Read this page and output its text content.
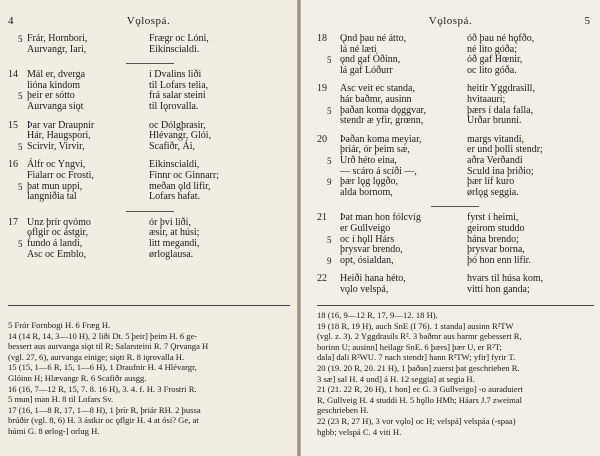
4	Vǫlospá.
5 Frár, Hornbori,	Frægr oc Lóni,
Aurvangr, Iari,	Eikinscialdi.
14 Mál er, dverga	í Dvalins liði
lióna kindom	til Lofars telia,
5 þeir er sótto	frá salar steini
Aurvanga siǫt	til Iǫrovalla.
15 Þar var Draupnir	oc Dólgþrasir,
Hár, Haugspori,	Hlévangr, Glói,
5 Scirvir, Virvir,	Scafiðr, Ái,
16 Álfr oc Yngvi,	Eikinscialdi,
Fialarr oc Frosti,	Finnr oc Ginnarr;
5 þat mun uppi,	meðan ǫld lifir,
langniðia tal	Lofars hafat.
17 Unz þrír qvómo	ór þvi liði,
ǫflgir oc ástgir,	æsir, at húsi;
5 fundo á landi,	litt megandi,
Asc oc Emblo,	ørloglausa.
5 Frór Fornbogi H. 6 Fræg H.
14 (14 R, 14, 3—10 H), 2 liði Dt. 5 þeir] þeim H. 6 ge-
bessert aus aurvanga siǫt til R; Salarsteini R. 7 Ǫrvanga H
(vgl. 27, 6), aurvanga einige; siǫtt R. 8 iǫrovalla H.
15 (15, 1—6 R, 15, 1—6 H), 1 Draufnir H. 4 Hlévargr,
Glóinn H; Hlævangr R. 6 Scafiðr ausgg.
16 (16, 7—12 R, 15, 7. 8. 16 H), 3. 4. f. H. 3 Frostri R.
5 mun] man H. 8 til Lofars Sv.
17 (16, 1—8 R, 17, 1—8 H), 1 þrír R, þriár RH. 2 þussa
brúðir (vgl. 8, 6) H. 3 ástkir oc ǫflgir H. 4 at ósi? Ge, at
húmi G. 8 ørlog-] orlug H.
Vǫlospá.	5
18 Ǫnd þau né átto,	óð þau né hǫfðo,
lá né læti	né lito góða;
5 ǫnd gaf Óðinn,	óð gaf Hœnir,
lá gaf Lóðurr	oc lito góða.
19 Asc veit ec standa,	heitir Yggdrasill,
hár baðmr, ausinn	hvitaauri;
5 þaðan koma dǫggvar,	þærs í dala falla,
stendr æ yfir, grœnn,	Urðar brunni.
20 Þaðan koma meyiar,	margs vitandi,
þriár, ór þeim sæ,	er und þolli stendr;
5 Urð héto eina,	aðra Verðandi
— scáro á scíði —,	Sculd ina þriðio;
9 þær lǫg lǫgðo,	þær líf kuro
alda bornom,	ørlǫg seggia.
21 Þat man hon fólcvíg	fyrst í heimi,
er Gullveigo	geirom studdo
5 oc í hǫll Hárs	hána brendo;
þrysvar brendo,	þrysvar borna,
9 opt, ósialdan,	þó hon enn lifir.
22 Heiði hana héto,	hvars til húsa kom,
vǫlo velspá,	vitti hon ganda;
18 (16, 9—12 R, 17, 9—12. 18 H).
19 (18 R, 19 H), auch SnE (I 76). 1 standa] ausinn R²TW
(vgl. z. 3). 2 Yggdrasils R². 3 baðmr aus barmr gebessert R,
borinn U; ausinn] heilagr SnE. 6 þærs] þær U, er R²T;
dala] dali R²WU. 7 nach stendr] hann R²TW; yfir] fyrir T.
20 (19. 20 R, 20. 21 H), 1 þaðan] zuerst þat geschrieben R.
3 sæ] sal H. 4 und] á H. 12 seggia] at segia H.
21 (21. 22 R, 26 H), 1 hon] ec G. 3 Gullveigo] -o auraduiert
R, Gullveig H. 4 studdi H. 5 hǫllo HMh; Háars J.7 zweimal
geschrieben H.
22 (23 R, 27 H), 3 vor vǫlo] oc H; velspá] velspáa (-spaa)
hgbb; velspá C. 4 viti H.
